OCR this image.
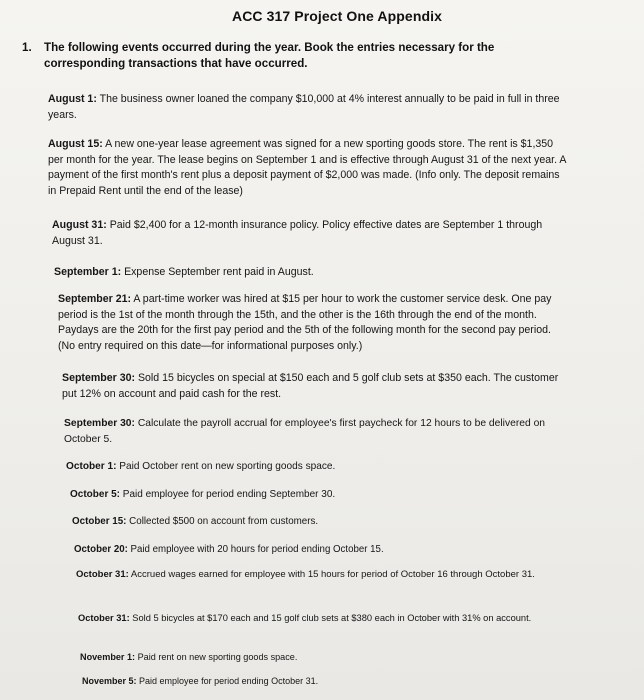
ACC 317 Project One Appendix
1. The following events occurred during the year. Book the entries necessary for the corresponding transactions that have occurred.
August 1: The business owner loaned the company $10,000 at 4% interest annually to be paid in full in three years.
August 15: A new one-year lease agreement was signed for a new sporting goods store. The rent is $1,350 per month for the year. The lease begins on September 1 and is effective through August 31 of the next year. A payment of the first month's rent plus a deposit payment of $2,000 was made. (Info only. The deposit remains in Prepaid Rent until the end of the lease)
August 31: Paid $2,400 for a 12-month insurance policy. Policy effective dates are September 1 through August 31.
September 1: Expense September rent paid in August.
September 21: A part-time worker was hired at $15 per hour to work the customer service desk. One pay period is the 1st of the month through the 15th, and the other is the 16th through the end of the month. Paydays are the 20th for the first pay period and the 5th of the following month for the second pay period. (No entry required on this date—for informational purposes only.)
September 30: Sold 15 bicycles on special at $150 each and 5 golf club sets at $350 each. The customer put 12% on account and paid cash for the rest.
September 30: Calculate the payroll accrual for employee's first paycheck for 12 hours to be delivered on October 5.
October 1: Paid October rent on new sporting goods space.
October 5: Paid employee for period ending September 30.
October 15: Collected $500 on account from customers.
October 20: Paid employee with 20 hours for period ending October 15.
October 31: Accrued wages earned for employee with 15 hours for period of October 16 through October 31.
October 31: Sold 5 bicycles at $170 each and 15 golf club sets at $380 each in October with 31% on account.
November 1: Paid rent on new sporting goods space.
November 5: Paid employee for period ending October 31.
